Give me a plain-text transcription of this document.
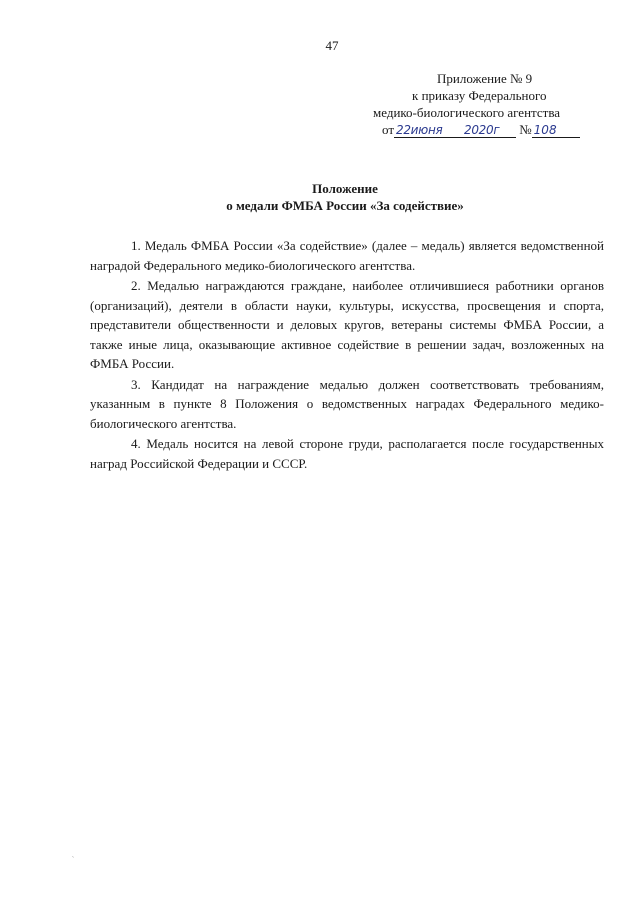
47
Приложение № 9
к приказу Федерального
медико-биологического агентства
от 22июня 2020г № 108
Положение
о медали ФМБА России «За содействие»

1. Медаль ФМБА России «За содействие» (далее – медаль) является ведомственной наградой Федерального медико-биологического агентства.

2. Медалью награждаются граждане, наиболее отличившиеся работники органов (организаций), деятели в области науки, культуры, искусства, просвещения и спорта, представители общественности и деловых кругов, ветераны системы ФМБА России, а также иные лица, оказывающие активное содействие в решении задач, возложенных на ФМБА России.

3. Кандидат на награждение медалью должен соответствовать требованиям, указанным в пункте 8 Положения о ведомственных наградах Федерального медико-биологического агентства.

4. Медаль носится на левой стороне груди, располагается после государственных наград Российской Федерации и СССР.

`
